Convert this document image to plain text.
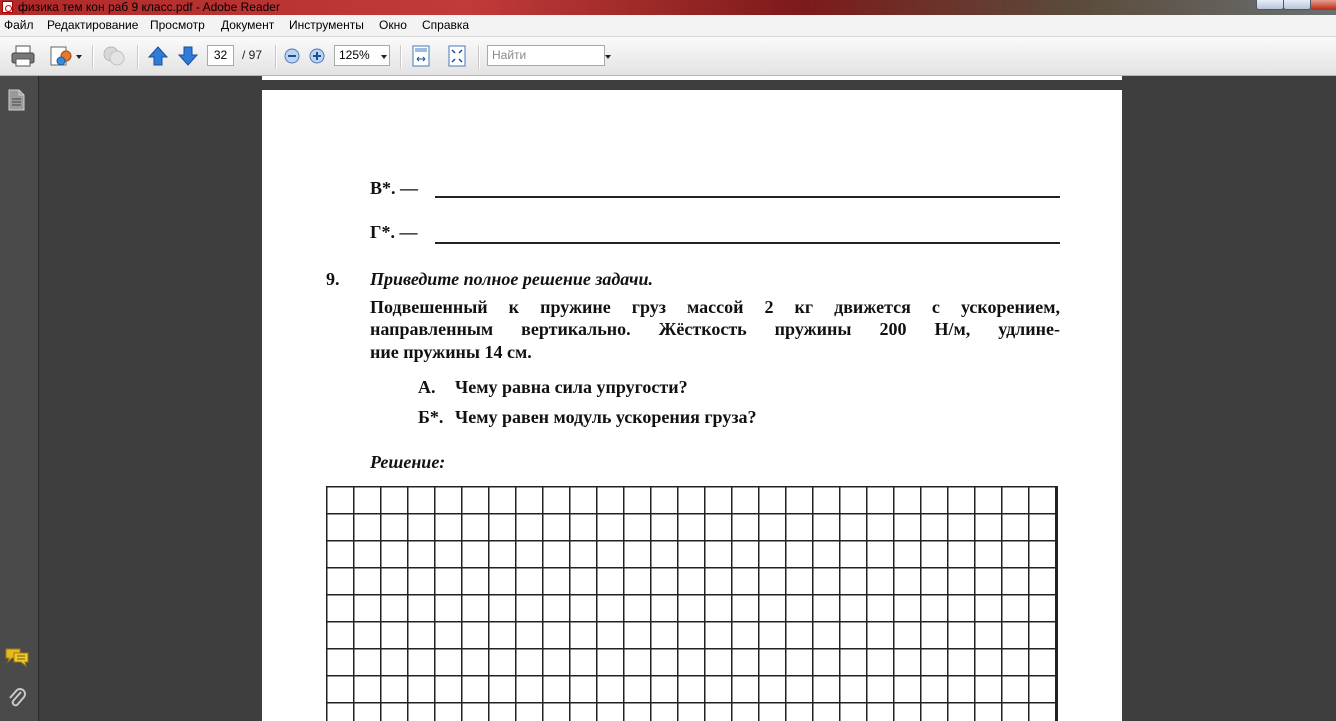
физика тем кон раб 9 класс.pdf - Adobe Reader
Файл Редактирование Просмотр Документ Инструменты Окно Справка
32	/ 97	125%	Найти
В*. —
Г*. —
9. Приведите полное решение задачи.
Подвешенный к пружине груз массой 2 кг движется с ускорением,
направленным вертикально. Жёсткость пружины 200 Н/м, удлине-
ние пружины 14 см.
А. Чему равна сила упругости?
Б*. Чему равен модуль ускорения груза?
Решение:
